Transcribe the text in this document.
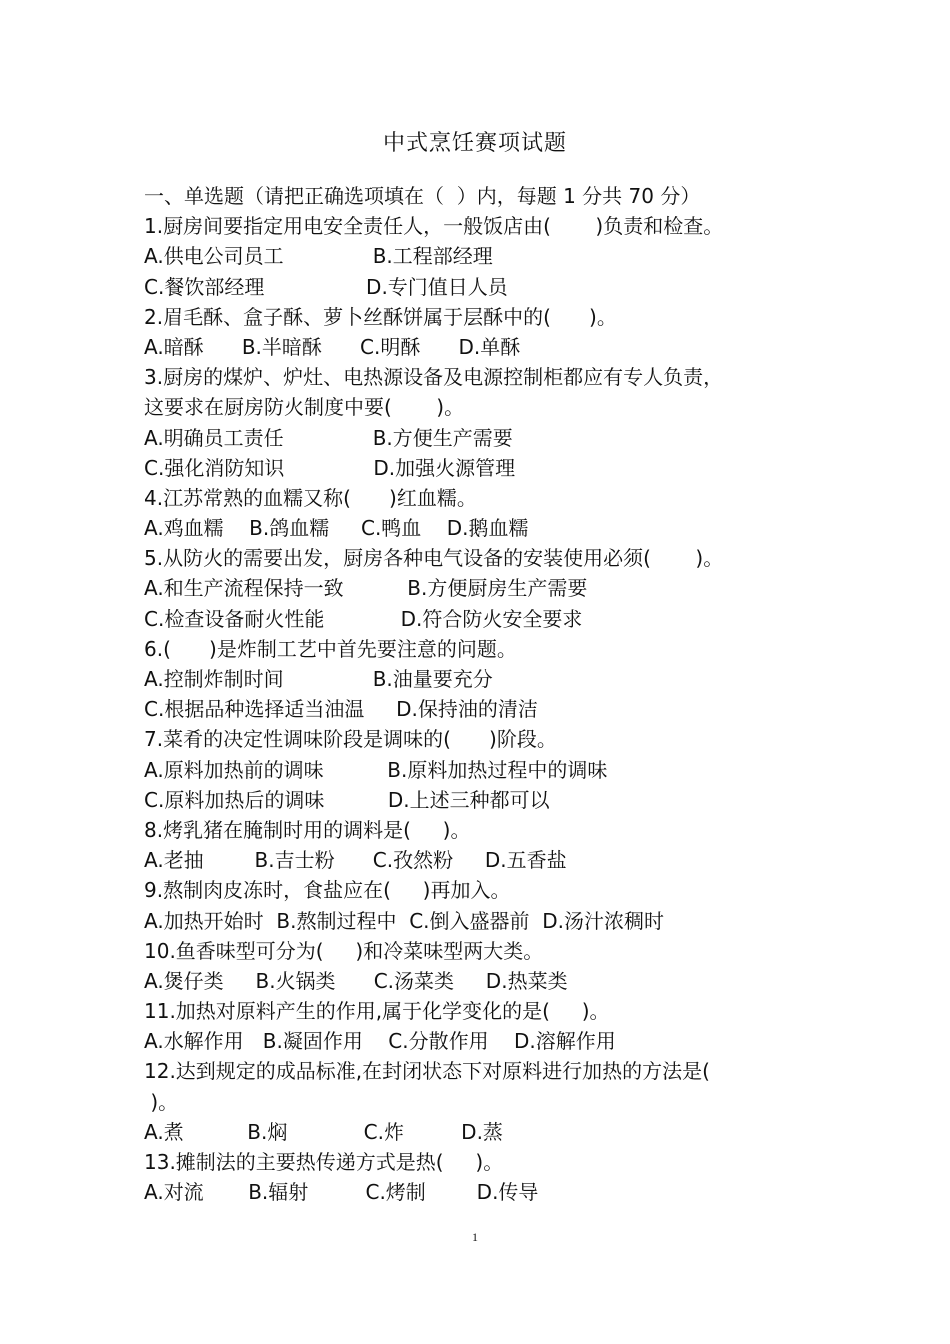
中式烹饪赛项试题
一、单选题（请把正确选项填在（  ）内，每题 1 分共 70 分）
1.厨房间要指定用电安全责任人，一般饭店由(       )负责和检查。
A.供电公司员工              B.工程部经理
C.餐饮部经理                D.专门值日人员
2.眉毛酥、盒子酥、萝卜丝酥饼属于层酥中的(      )。
A.暗酥      B.半暗酥      C.明酥      D.单酥
3.厨房的煤炉、炉灶、电热源设备及电源控制柜都应有专人负责，
这要求在厨房防火制度中要(       )。
A.明确员工责任              B.方便生产需要
C.强化消防知识              D.加强火源管理
4.江苏常熟的血糯又称(      )红血糯。
A.鸡血糯    B.鸽血糯     C.鸭血    D.鹅血糯
5.从防火的需要出发，厨房各种电气设备的安装使用必须(       )。
A.和生产流程保持一致          B.方便厨房生产需要
C.检查设备耐火性能            D.符合防火安全要求
6.(      )是炸制工艺中首先要注意的问题。
A.控制炸制时间              B.油量要充分
C.根据品种选择适当油温     D.保持油的清洁
7.菜肴的决定性调味阶段是调味的(      )阶段。
A.原料加热前的调味          B.原料加热过程中的调味
C.原料加热后的调味          D.上述三种都可以
8.烤乳猪在腌制时用的调料是(     )。
A.老抽        B.吉士粉      C.孜然粉     D.五香盐
9.熬制肉皮冻时，食盐应在(     )再加入。
A.加热开始时  B.熬制过程中  C.倒入盛器前  D.汤汁浓稠时
10.鱼香味型可分为(     )和冷菜味型两大类。
A.煲仔类     B.火锅类      C.汤菜类     D.热菜类
11.加热对原料产生的作用,属于化学变化的是(     )。
A.水解作用   B.凝固作用    C.分散作用    D.溶解作用
12.达到规定的成品标准,在封闭状态下对原料进行加热的方法是(
)。
A.煮          B.焖            C.炸         D.蒸
13.摊制法的主要热传递方式是热(     )。
A.对流       B.辐射         C.烤制        D.传导
1
